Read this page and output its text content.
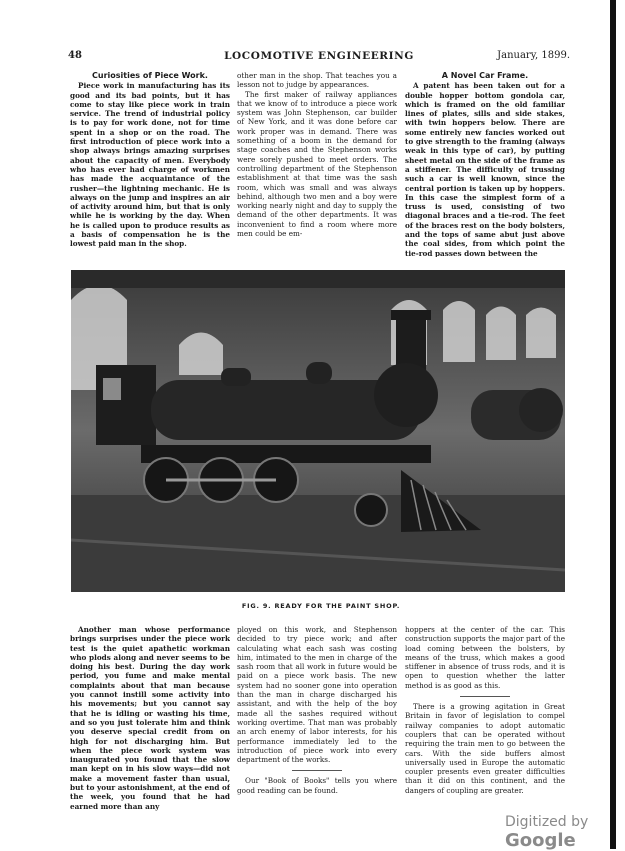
48	LOCOMOTIVE ENGINEERING	January, 1899.
Curiosities of Piece Work.

Piece work in manufacturing has its good and its bad points, but it has come to stay like piece work in train service. The trend of industrial policy is to pay for work done, not for time spent in a shop or on the road. The first introduction of piece work into a shop always brings amazing surprises about the capacity of men. Everybody who has ever had charge of workmen has made the acquaintance of the rusher—the lightning mechanic. He is always on the jump and inspires an air of activity around him, but that is only while he is working by the day. When he is called upon to produce results as a basis of compensation he is the lowest paid man in the shop.

other man in the shop. That teaches you a lesson not to judge by appearances.

The first maker of railway appliances that we know of to introduce a piece work system was John Stephenson, car builder of New York, and it was done before car work proper was in demand. There was something of a boom in the demand for stage coaches and the Stephenson works were sorely pushed to meet orders. The controlling department of the Stephenson establishment at that time was the sash room, which was small and was always behind, although two men and a boy were working nearly night and day to supply the demand of the other departments. It was inconvenient to find a room where more men could be em-

A Novel Car Frame.

A patent has been taken out for a double hopper bottom gondola car, which is framed on the old familiar lines of plates, sills and side stakes, with twin hoppers below. There are some entirely new fancies worked out to give strength to the framing (always weak in this type of car), by putting sheet metal on the side of the frame as a stiffener. The difficulty of trussing such a car is well known, since the central portion is taken up by hoppers. In this case the simplest form of a truss is used, consisting of two diagonal braces and a tie-rod. The feet of the braces rest on the body bolsters, and the tops of same abut just above the coal sides, from which point the tie-rod passes down between the

FIG. 9. READY FOR THE PAINT SHOP.

Another man whose performance brings surprises under the piece work test is the quiet apathetic workman who plods along and never seems to be doing his best. During the day work period, you fume and make mental complaints about that man because you cannot instill some activity into his movements; but you cannot say that he is idling or wasting his time, and so you just tolerate him and think you deserve special credit from on high for not discharging him. But when the piece work system was inaugurated you found that the slow man kept on in his slow ways—did not make a movement faster than usual, but to your astonishment, at the end of the week, you found that he had earned more than any

ployed on this work, and Stephenson decided to try piece work; and after calculating what each sash was costing him, intimated to the men in charge of the sash room that all work in future would be paid on a piece work basis. The new system had no sooner gone into operation than the man in charge discharged his assistant, and with the help of the boy made all the sashes required without working overtime. That man was probably an arch enemy of labor interests, for his performance immediately led to the introduction of piece work into every department of the works.

Our "Book of Books" tells you where good reading can be found.

hoppers at the center of the car. This construction supports the major part of the load coming between the bolsters, by means of the truss, which makes a good stiffener in absence of truss rods, and it is open to question whether the latter method is as good as this.

There is a growing agitation in Great Britain in favor of legislation to compel railway companies to adopt automatic couplers that can be operated without requiring the train men to go between the cars. With the side buffers almost universally used in Europe the automatic coupler presents even greater difficulties than it did on this continent, and the dangers of coupling are greater.

Digitized by Google
